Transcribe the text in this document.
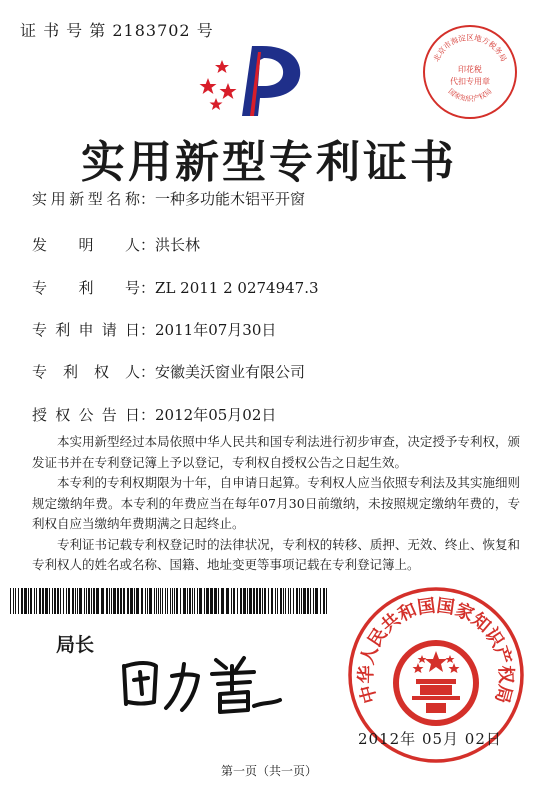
证 书 号 第 2183702 号
北京市海淀区地方税务局
印花税
代扣专用章
国家知识产权局
实用新型专利证书
实用新型名称：一种多功能木铝平开窗
发明人：洪长林
专利号：ZL 2011 2 0274947.3
专利申请日：2011年07月30日
专利权人：安徽美沃窗业有限公司
授权公告日：2012年05月02日

本实用新型经过本局依照中华人民共和国专利法进行初步审查，决定授予专利权，颁发证书并在专利登记簿上予以登记，专利权自授权公告之日起生效。

本专利的专利权期限为十年，自申请日起算。专利权人应当依照专利法及其实施细则规定缴纳年费。本专利的年费应当在每年07月30日前缴纳，未按照规定缴纳年费的，专利权自应当缴纳年费期满之日起终止。

专利证书记载专利权登记时的法律状况，专利权的转移、质押、无效、终止、恢复和专利权人的姓名或名称、国籍、地址变更等事项记载在专利登记簿上。

局长
中华人民共和国国家知识产权局
2012年 05月 02日
第一页（共一页）
